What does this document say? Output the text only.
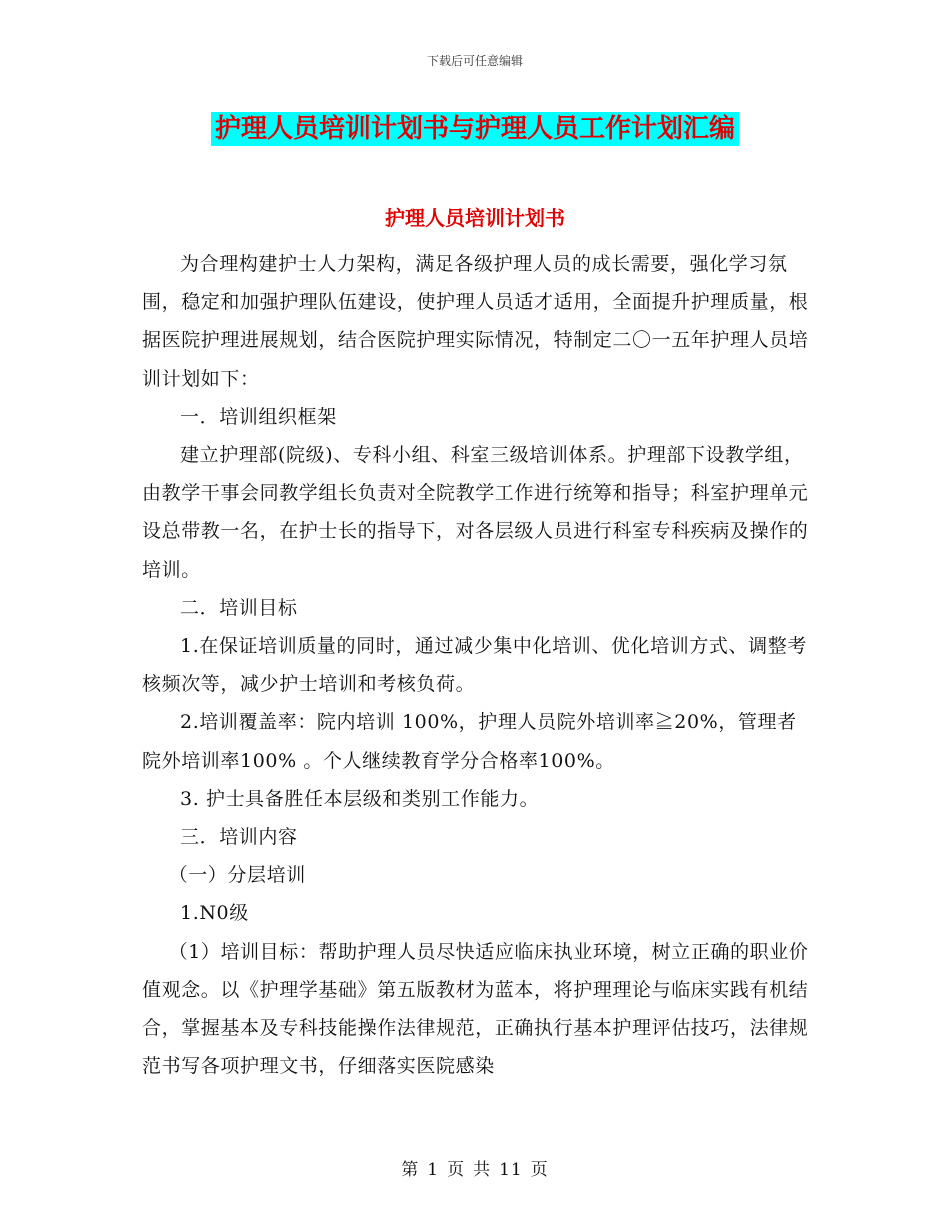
下载后可任意编辑
护理人员培训计划书与护理人员工作计划汇编
护理人员培训计划书

为合理构建护士人力架构，满足各级护理人员的成长需要，强化学习氛围，稳定和加强护理队伍建设，使护理人员适才适用，全面提升护理质量，根据医院护理进展规划，结合医院护理实际情况，特制定二〇一五年护理人员培训计划如下：

一．培训组织框架

建立护理部(院级)、专科小组、科室三级培训体系。护理部下设教学组，由教学干事会同教学组长负责对全院教学工作进行统筹和指导；科室护理单元设总带教一名，在护士长的指导下，对各层级人员进行科室专科疾病及操作的培训。

二．培训目标

1.在保证培训质量的同时，通过减少集中化培训、优化培训方式、调整考核频次等，减少护士培训和考核负荷。

2.培训覆盖率：院内培训 100%，护理人员院外培训率≧20%，管理者院外培训率100% 。个人继续教育学分合格率100%。

3. 护士具备胜任本层级和类别工作能力。

三．培训内容

（一）分层培训

1.N0级

（1）培训目标：帮助护理人员尽快适应临床执业环境，树立正确的职业价值观念。以《护理学基础》第五版教材为蓝本，将护理理论与临床实践有机结合，掌握基本及专科技能操作法律规范，正确执行基本护理评估技巧，法律规范书写各项护理文书，仔细落实医院感染

第 1 页 共 11 页
